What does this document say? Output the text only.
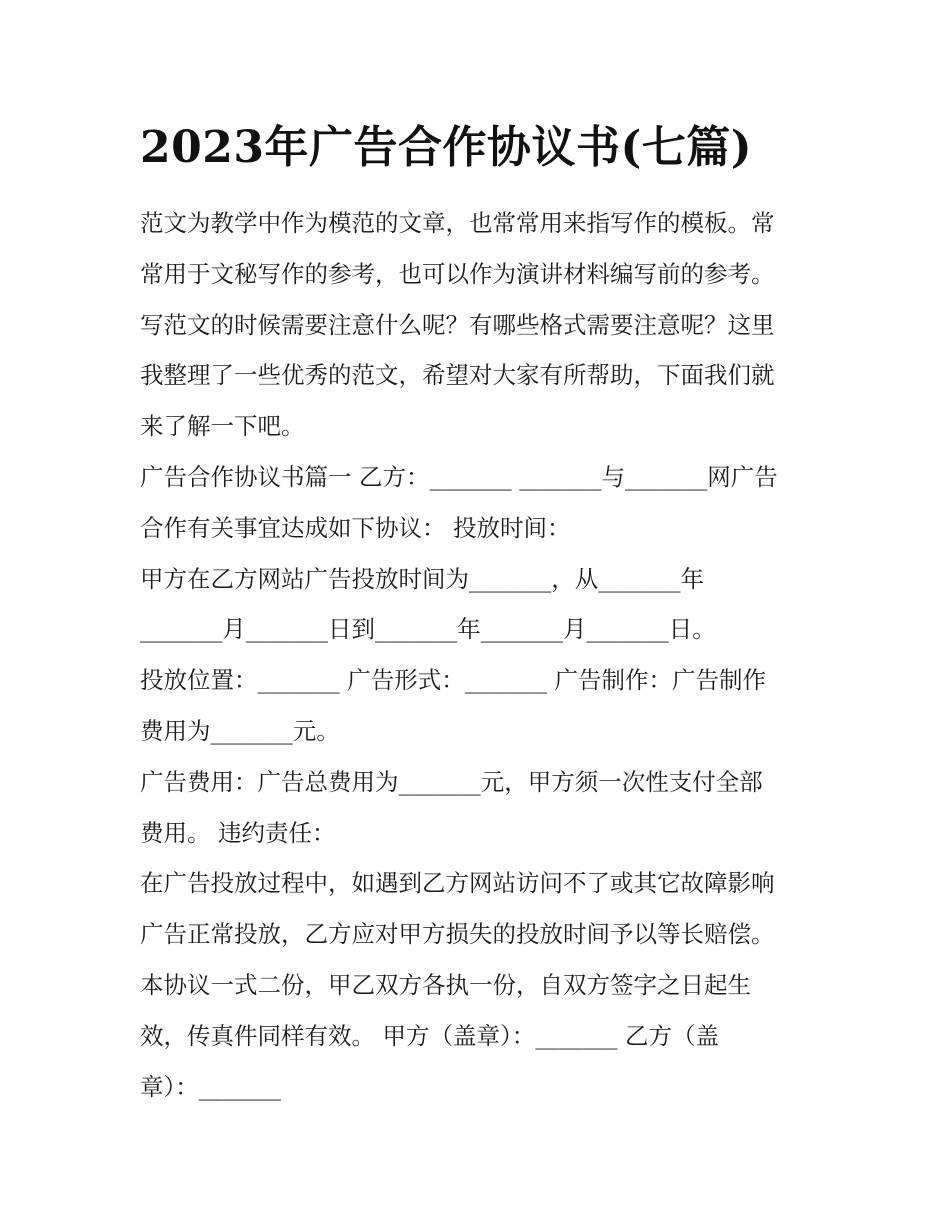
2023年广告合作协议书(七篇)
范文为教学中作为模范的文章，也常常用来指写作的模板。常
常用于文秘写作的参考，也可以作为演讲材料编写前的参考。
写范文的时候需要注意什么呢？有哪些格式需要注意呢？这里
我整理了一些优秀的范文，希望对大家有所帮助，下面我们就
来了解一下吧。
广告合作协议书篇一 乙方：_______ _______与_______网广告
合作有关事宜达成如下协议： 投放时间：
甲方在乙方网站广告投放时间为_______，从_______年
_______月_______日到_______年_______月_______日。
投放位置：_______ 广告形式：_______ 广告制作：广告制作
费用为_______元。
广告费用：广告总费用为_______元，甲方须一次性支付全部
费用。 违约责任：
在广告投放过程中，如遇到乙方网站访问不了或其它故障影响
广告正常投放，乙方应对甲方损失的投放时间予以等长赔偿。
本协议一式二份，甲乙双方各执一份，自双方签字之日起生
效，传真件同样有效。 甲方（盖章）：_______ 乙方（盖
章）：_______
